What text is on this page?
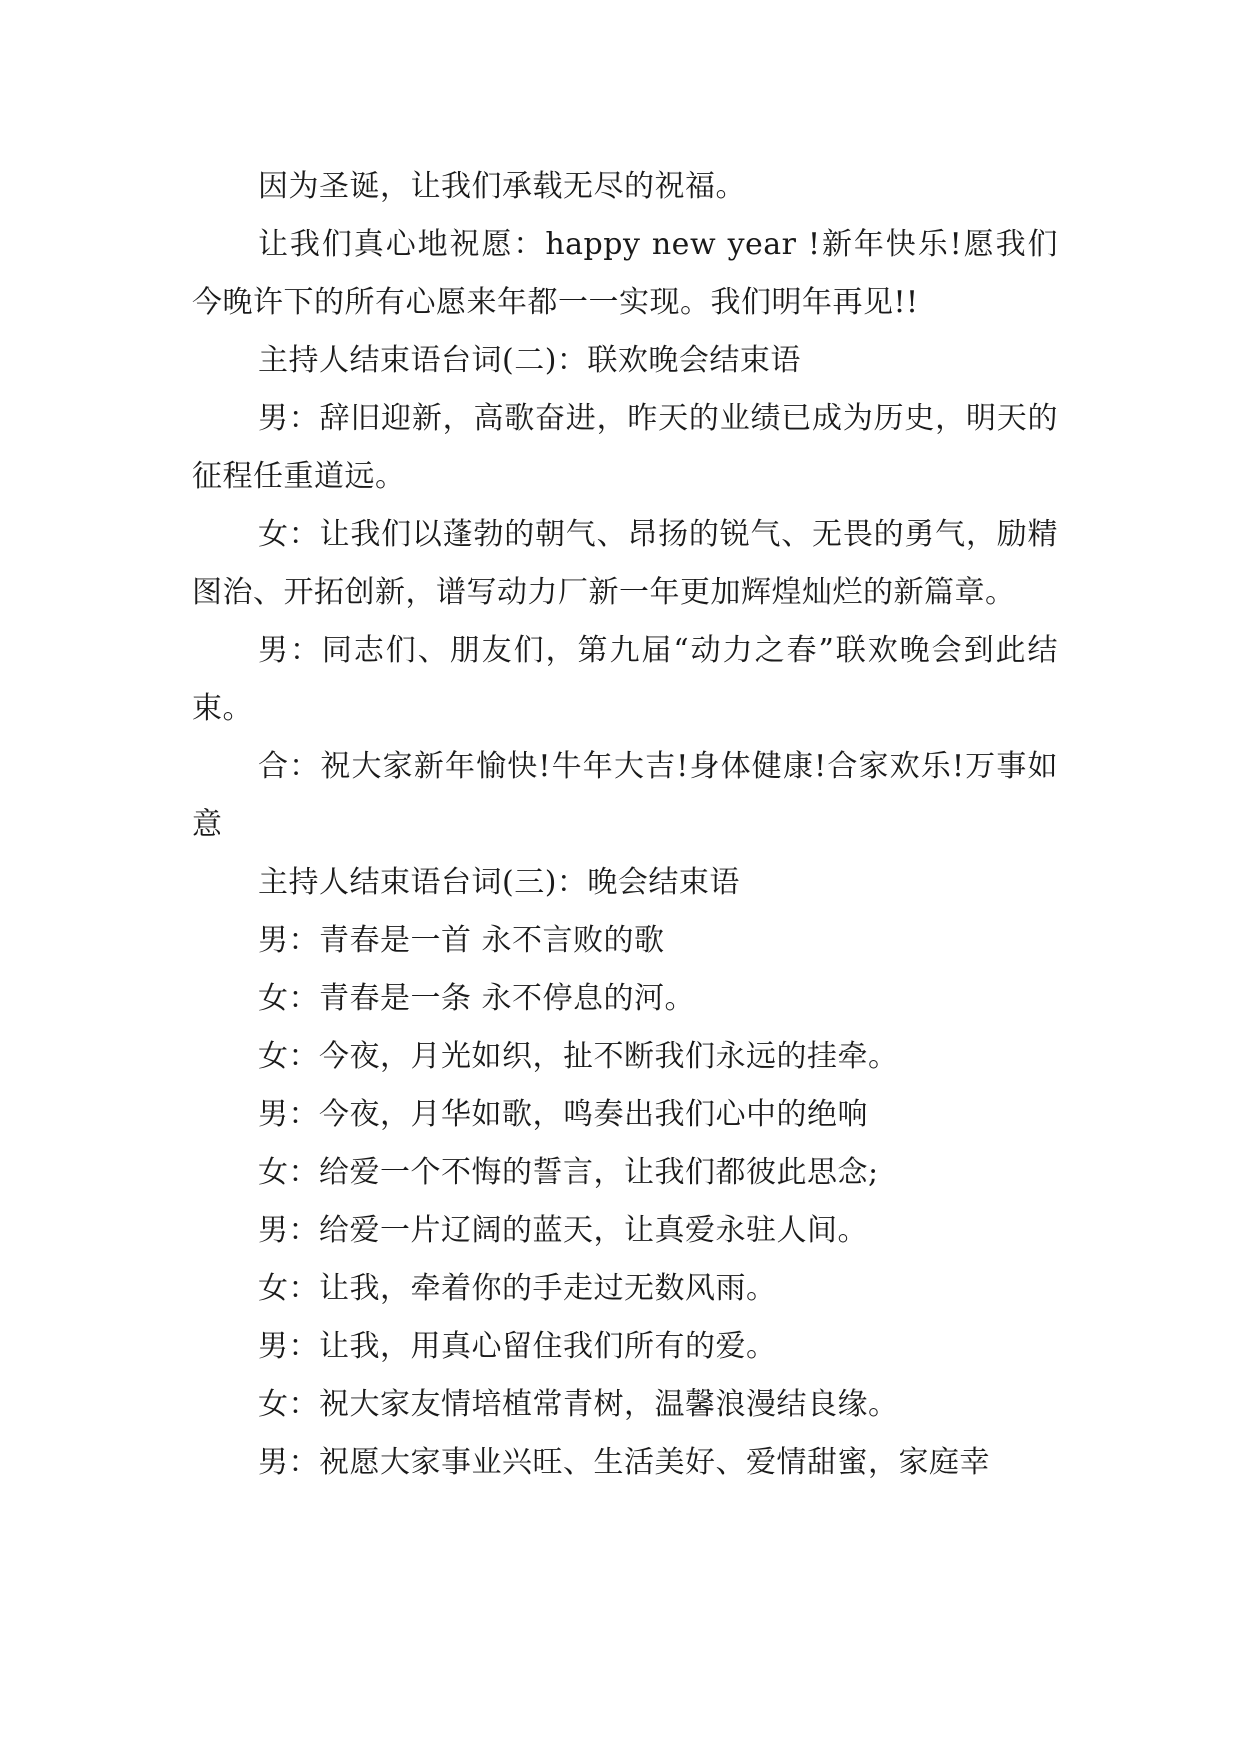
因为圣诞，让我们承载无尽的祝福。

让我们真心地祝愿：happy new year !新年快乐!愿我们今晚许下的所有心愿来年都一一实现。我们明年再见!!

主持人结束语台词(二)：联欢晚会结束语

男：辞旧迎新，高歌奋进，昨天的业绩已成为历史，明天的征程任重道远。

女：让我们以蓬勃的朝气、昂扬的锐气、无畏的勇气，励精图治、开拓创新，谱写动力厂新一年更加辉煌灿烂的新篇章。

男：同志们、朋友们，第九届“动力之春”联欢晚会到此结束。

合：祝大家新年愉快!牛年大吉!身体健康!合家欢乐!万事如意

主持人结束语台词(三)：晚会结束语

男：青春是一首 永不言败的歌

女：青春是一条 永不停息的河。

女：今夜，月光如织，扯不断我们永远的挂牵。

男：今夜，月华如歌，鸣奏出我们心中的绝响

女：给爱一个不悔的誓言，让我们都彼此思念;

男：给爱一片辽阔的蓝天，让真爱永驻人间。

女：让我，牵着你的手走过无数风雨。

男：让我，用真心留住我们所有的爱。

女：祝大家友情培植常青树，温馨浪漫结良缘。

男：祝愿大家事业兴旺、生活美好、爱情甜蜜，家庭幸
